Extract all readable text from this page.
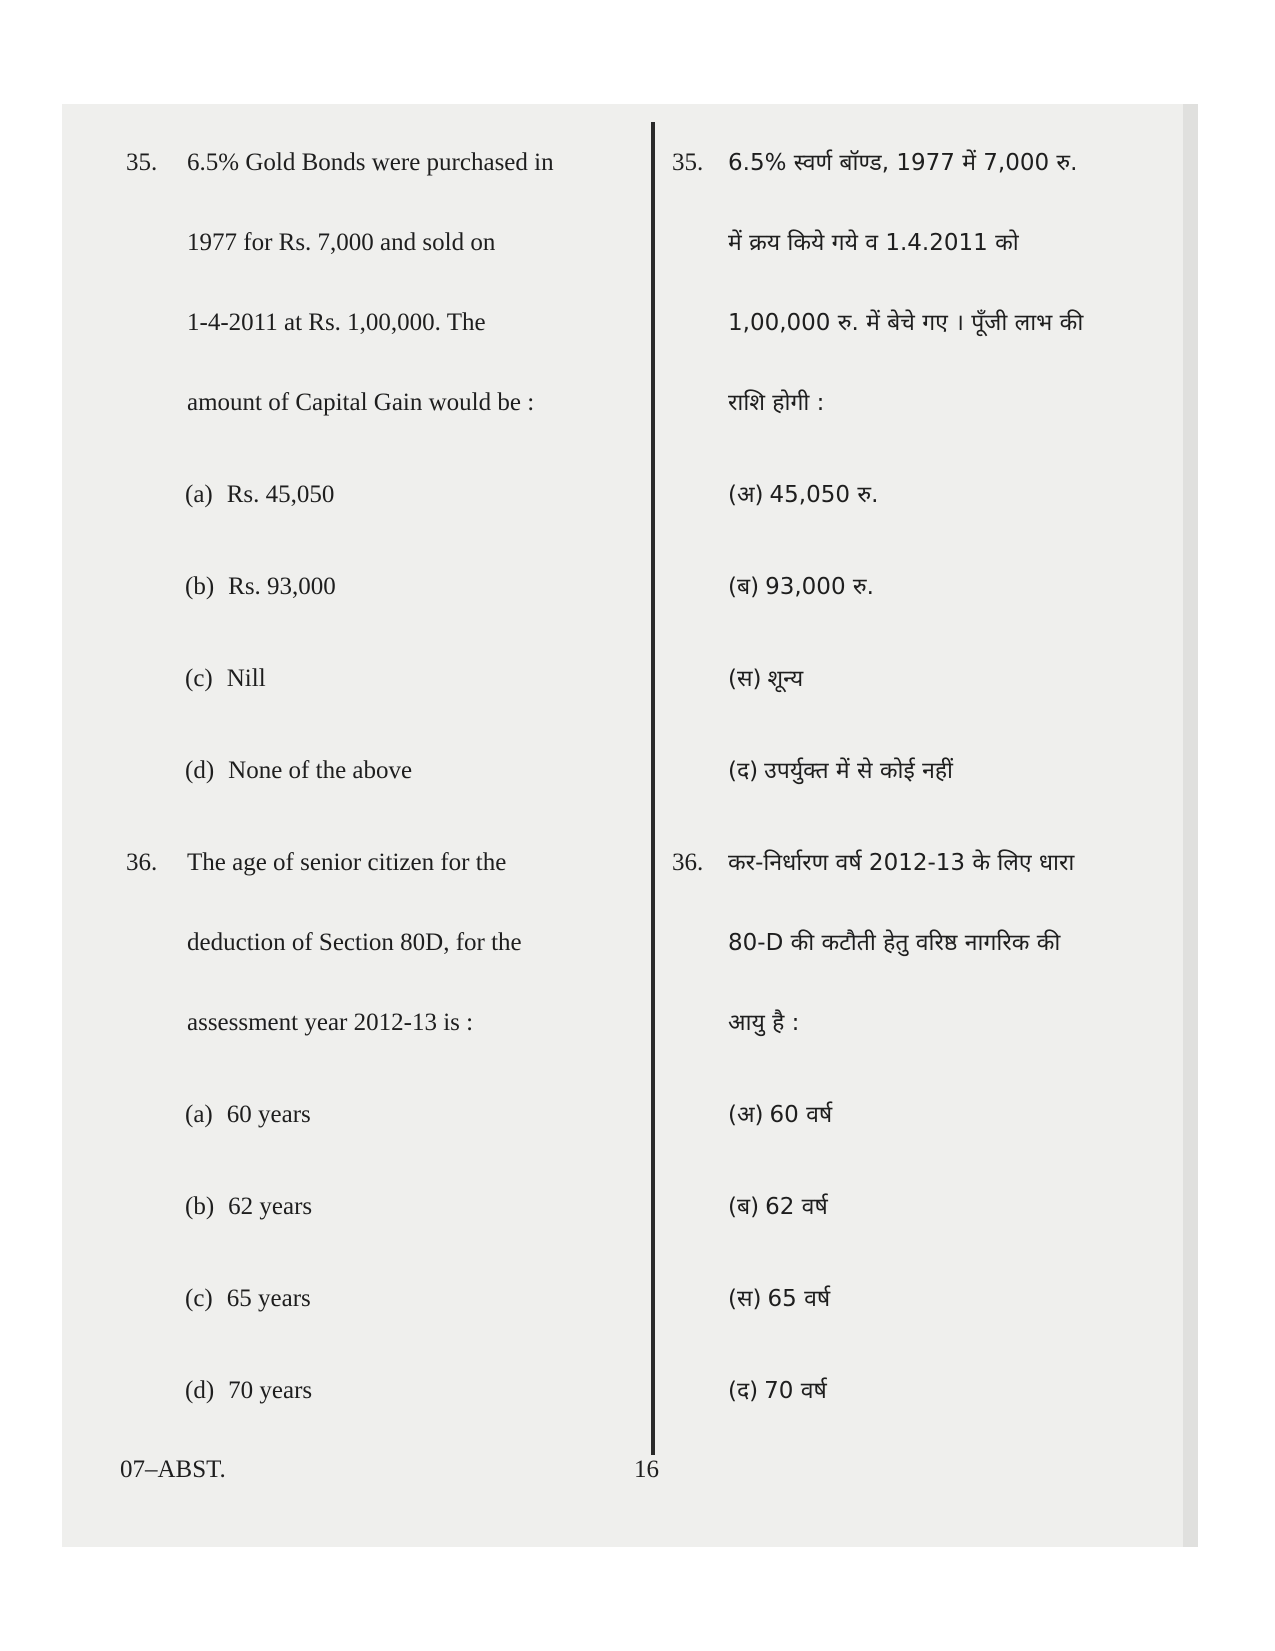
35. 6.5% Gold Bonds were purchased in
1977 for Rs. 7,000 and sold on
1-4-2011 at Rs. 1,00,000. The
amount of Capital Gain would be :
(a) Rs. 45,050
(b) Rs. 93,000
(c) Nill
(d) None of the above
36. The age of senior citizen for the
deduction of Section 80D, for the
assessment year 2012-13 is :
(a) 60 years
(b) 62 years
(c) 65 years
(d) 70 years
35. 6.5% स्वर्ण बॉण्ड, 1977 में 7,000 रु.
में क्रय किये गये व 1.4.2011 को
1,00,000 रु. में बेचे गए । पूँजी लाभ की
राशि होगी :
(अ) 45,050 रु.
(ब) 93,000 रु.
(स) शून्य
(द) उपर्युक्त में से कोई नहीं
36. कर-निर्धारण वर्ष 2012-13 के लिए धारा
80-D की कटौती हेतु वरिष्ठ नागरिक की
आयु है :
(अ) 60 वर्ष
(ब) 62 वर्ष
(स) 65 वर्ष
(द) 70 वर्ष
07–ABST.	16
